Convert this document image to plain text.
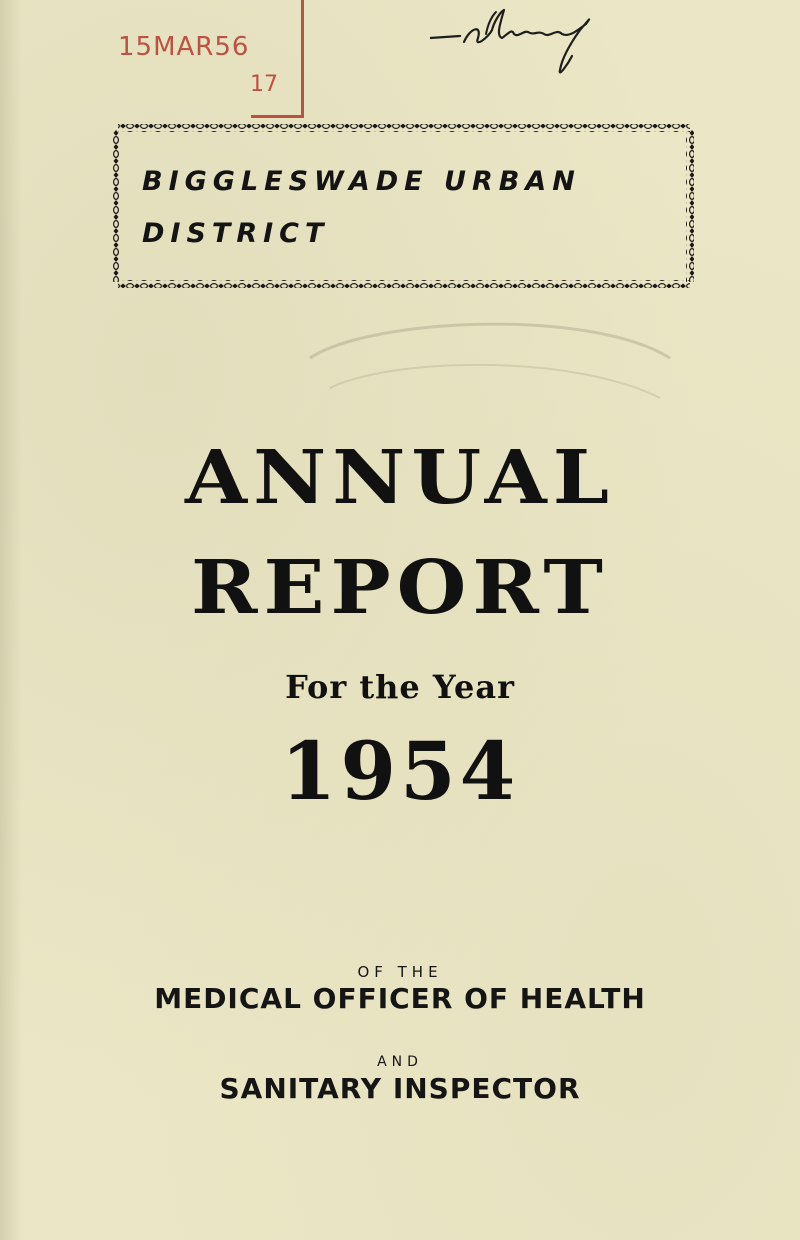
15MAR56
17
BIGGLESWADE URBAN
DISTRICT
ANNUAL
REPORT
For the Year
1954
OF THE
MEDICAL OFFICER OF HEALTH
AND
SANITARY INSPECTOR
